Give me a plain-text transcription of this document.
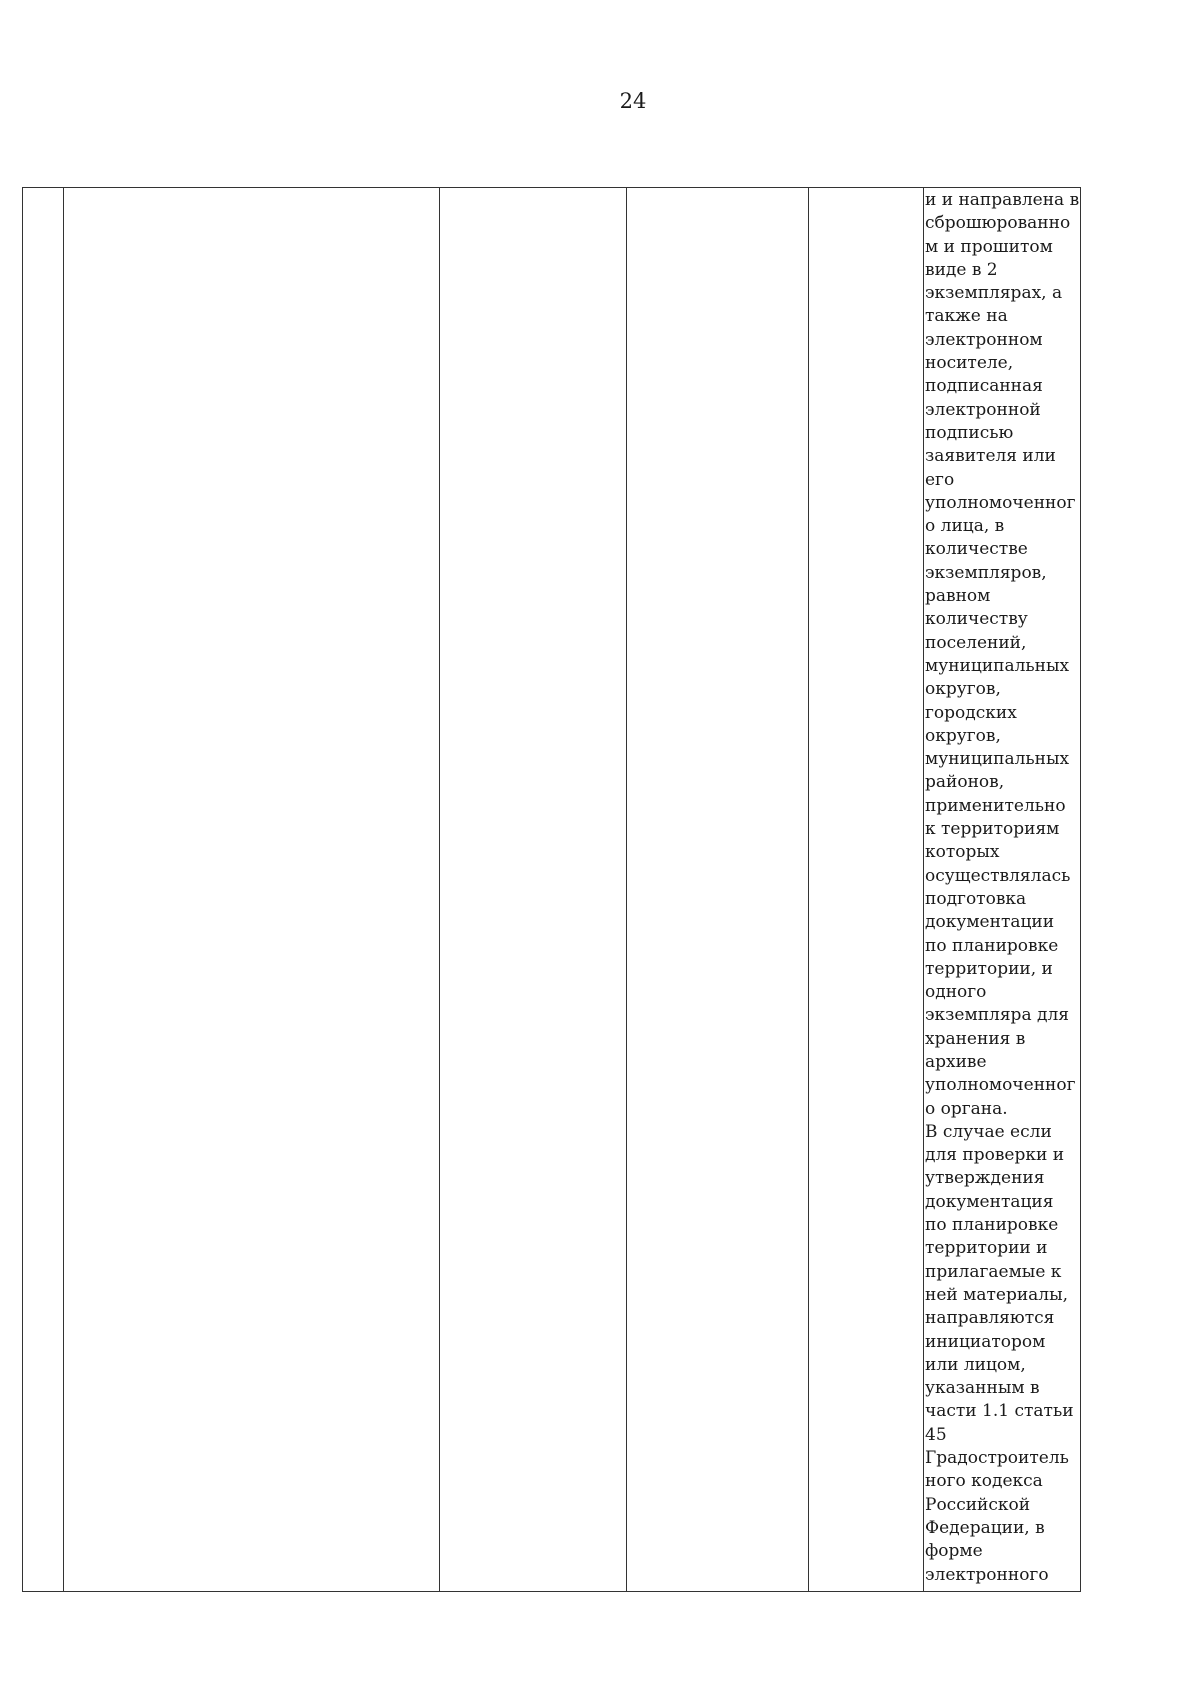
24

и и направлена в
сброшюрованно
м и прошитом
виде в 2
экземплярах, а
также на
электронном
носителе,
подписанная
электронной
подписью
заявителя или
его
уполномоченног
о лица, в
количестве
экземпляров,
равном
количеству
поселений,
муниципальных
округов,
городских
округов,
муниципальных
районов,
применительно
к территориям
которых
осуществлялась
подготовка
документации
по планировке
территории, и
одного
экземпляра для
хранения в
архиве
уполномоченног
о органа.
В случае если
для проверки и
утверждения
документация
по планировке
территории и
прилагаемые к
ней материалы,
направляются
инициатором
или лицом,
указанным в
части 1.1 статьи
45
Градостроитель
ного кодекса
Российской
Федерации, в
форме
электронного
